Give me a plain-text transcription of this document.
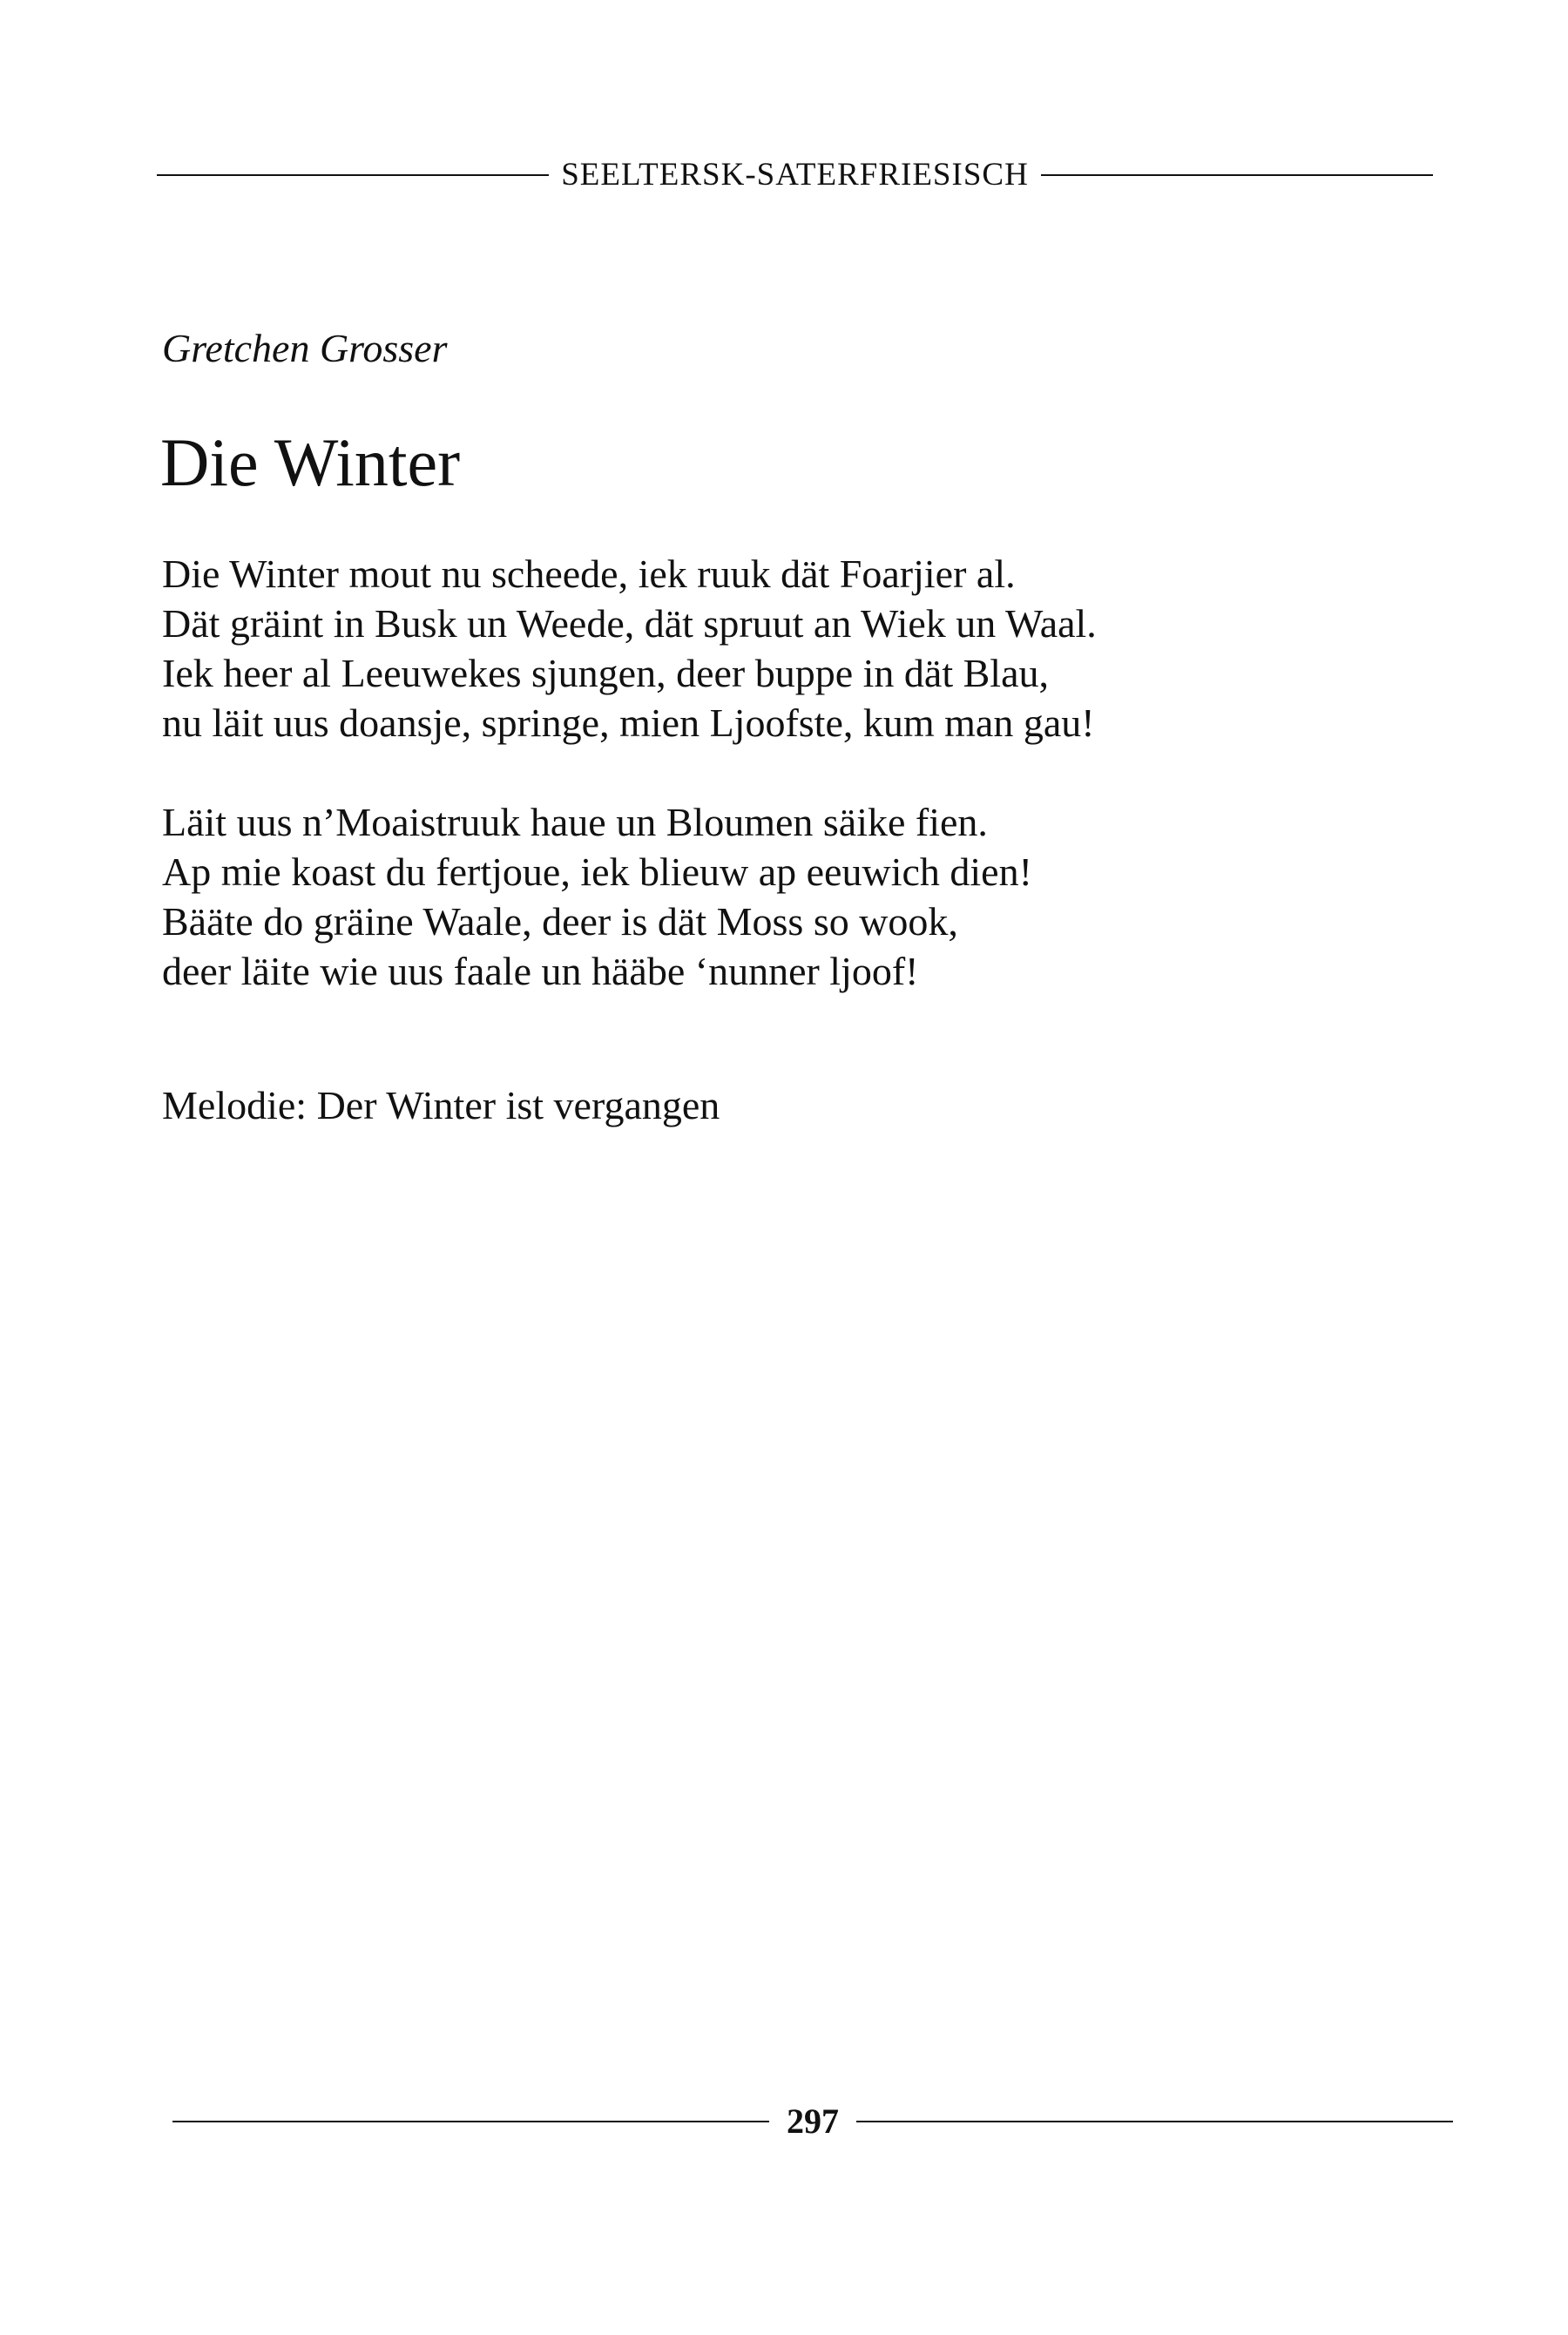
SEELTERSK-SATERFRIESISCH

Gretchen Grosser

Die Winter

Die Winter mout nu scheede, iek ruuk dät Foarjier al.
Dät gräint in Busk un Weede, dät spruut an Wiek un Waal.
Iek heer al Leeuwekes sjungen, deer buppe in dät Blau,
nu läit uus doansje, springe, mien Ljoofste, kum man gau!

Läit uus n’Moaistruuk haue un Bloumen säike fien.
Ap mie koast du fertjoue, iek blieuw ap eeuwich dien!
Bääte do gräine Waale, deer is dät Moss so wook,
deer läite wie uus faale un hääbe ‘nunner ljoof!

Melodie: Der Winter ist vergangen

297
